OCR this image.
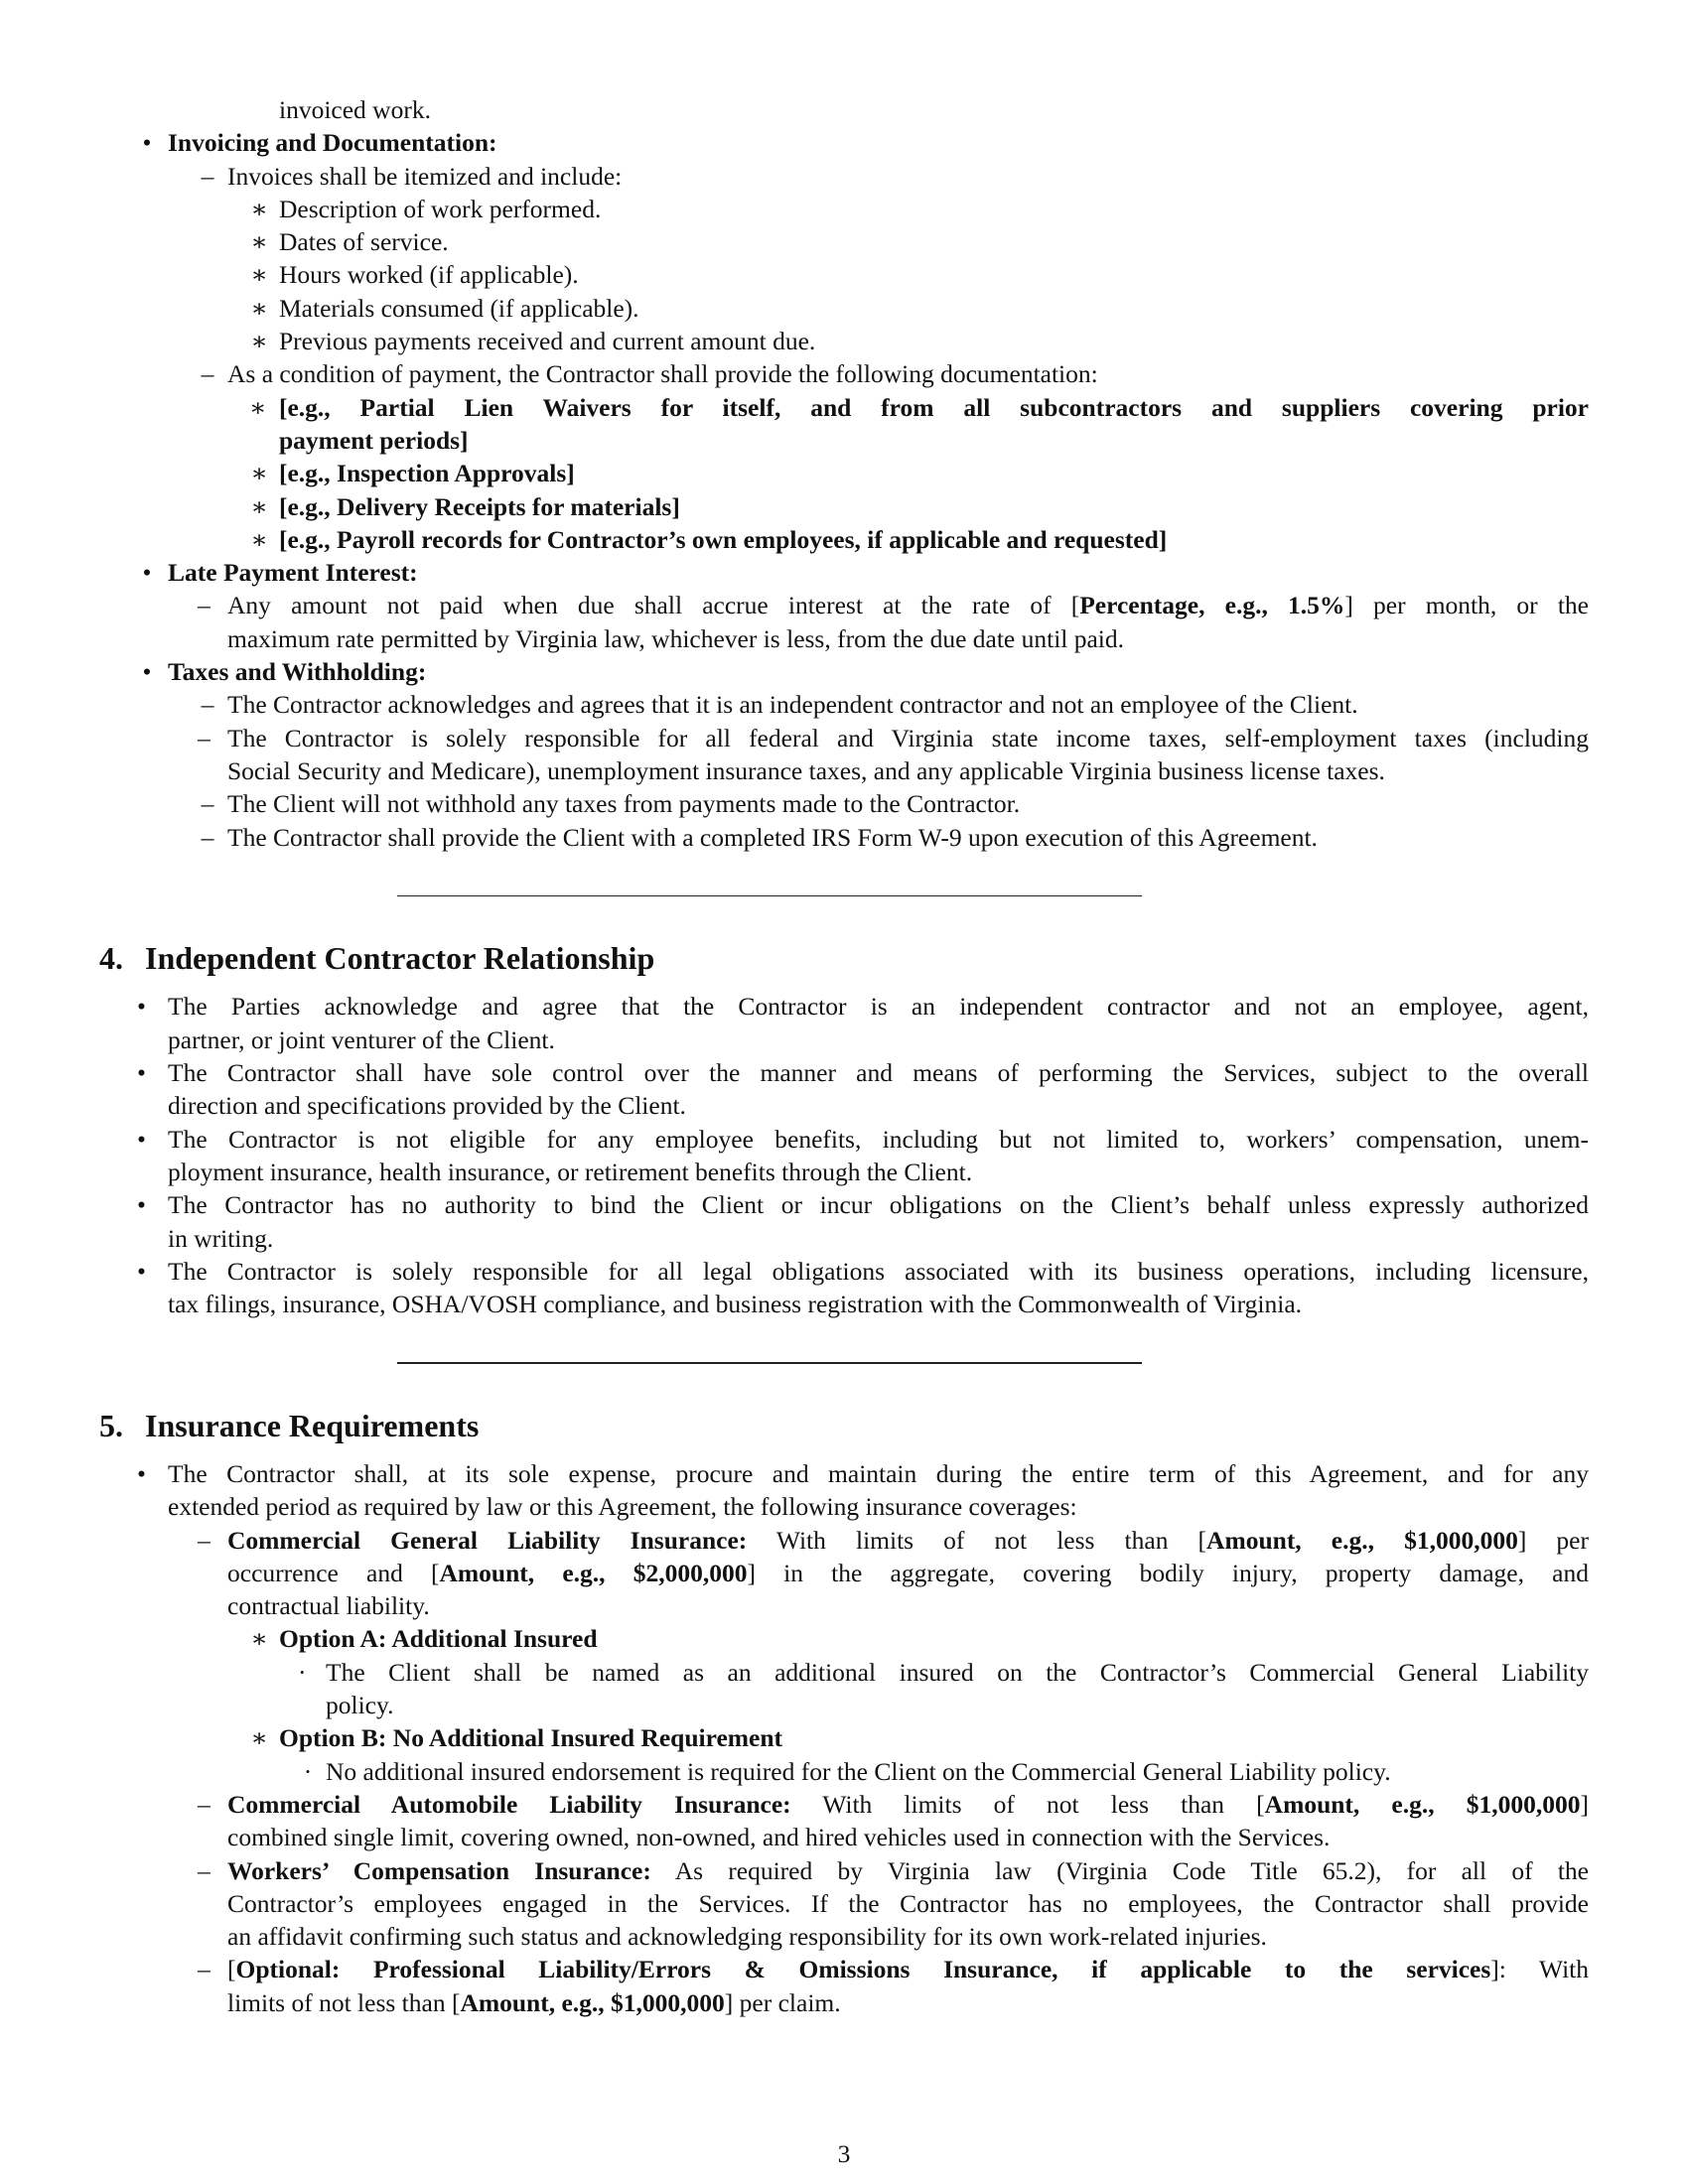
invoiced work.
• Invoicing and Documentation:
– Invoices shall be itemized and include:
∗ Description of work performed.
∗ Dates of service.
∗ Hours worked (if applicable).
∗ Materials consumed (if applicable).
∗ Previous payments received and current amount due.
– As a condition of payment, the Contractor shall provide the following documentation:
∗ [e.g., Partial Lien Waivers for itself, and from all subcontractors and suppliers covering prior
payment periods]
∗ [e.g., Inspection Approvals]
∗ [e.g., Delivery Receipts for materials]
∗ [e.g., Payroll records for Contractor’s own employees, if applicable and requested]
• Late Payment Interest:
– Any amount not paid when due shall accrue interest at the rate of [Percentage, e.g., 1.5%] per month, or the
maximum rate permitted by Virginia law, whichever is less, from the due date until paid.
• Taxes and Withholding:
– The Contractor acknowledges and agrees that it is an independent contractor and not an employee of the Client.
– The Contractor is solely responsible for all federal and Virginia state income taxes, self-employment taxes (including
Social Security and Medicare), unemployment insurance taxes, and any applicable Virginia business license taxes.
– The Client will not withhold any taxes from payments made to the Contractor.
– The Contractor shall provide the Client with a completed IRS Form W-9 upon execution of this Agreement.
4. Independent Contractor Relationship
• The Parties acknowledge and agree that the Contractor is an independent contractor and not an employee, agent,
partner, or joint venturer of the Client.
• The Contractor shall have sole control over the manner and means of performing the Services, subject to the overall
direction and specifications provided by the Client.
• The Contractor is not eligible for any employee benefits, including but not limited to, workers’ compensation, unem-
ployment insurance, health insurance, or retirement benefits through the Client.
• The Contractor has no authority to bind the Client or incur obligations on the Client’s behalf unless expressly authorized
in writing.
• The Contractor is solely responsible for all legal obligations associated with its business operations, including licensure,
tax filings, insurance, OSHA/VOSH compliance, and business registration with the Commonwealth of Virginia.
5. Insurance Requirements
• The Contractor shall, at its sole expense, procure and maintain during the entire term of this Agreement, and for any
extended period as required by law or this Agreement, the following insurance coverages:
– Commercial General Liability Insurance: With limits of not less than [Amount, e.g., $1,000,000] per
occurrence and [Amount, e.g., $2,000,000] in the aggregate, covering bodily injury, property damage, and
contractual liability.
∗ Option A: Additional Insured
· The Client shall be named as an additional insured on the Contractor’s Commercial General Liability
policy.
∗ Option B: No Additional Insured Requirement
· No additional insured endorsement is required for the Client on the Commercial General Liability policy.
– Commercial Automobile Liability Insurance: With limits of not less than [Amount, e.g., $1,000,000]
combined single limit, covering owned, non-owned, and hired vehicles used in connection with the Services.
– Workers’ Compensation Insurance: As required by Virginia law (Virginia Code Title 65.2), for all of the
Contractor’s employees engaged in the Services. If the Contractor has no employees, the Contractor shall provide
an affidavit confirming such status and acknowledging responsibility for its own work-related injuries.
– [Optional: Professional Liability/Errors & Omissions Insurance, if applicable to the services]: With
limits of not less than [Amount, e.g., $1,000,000] per claim.
3
